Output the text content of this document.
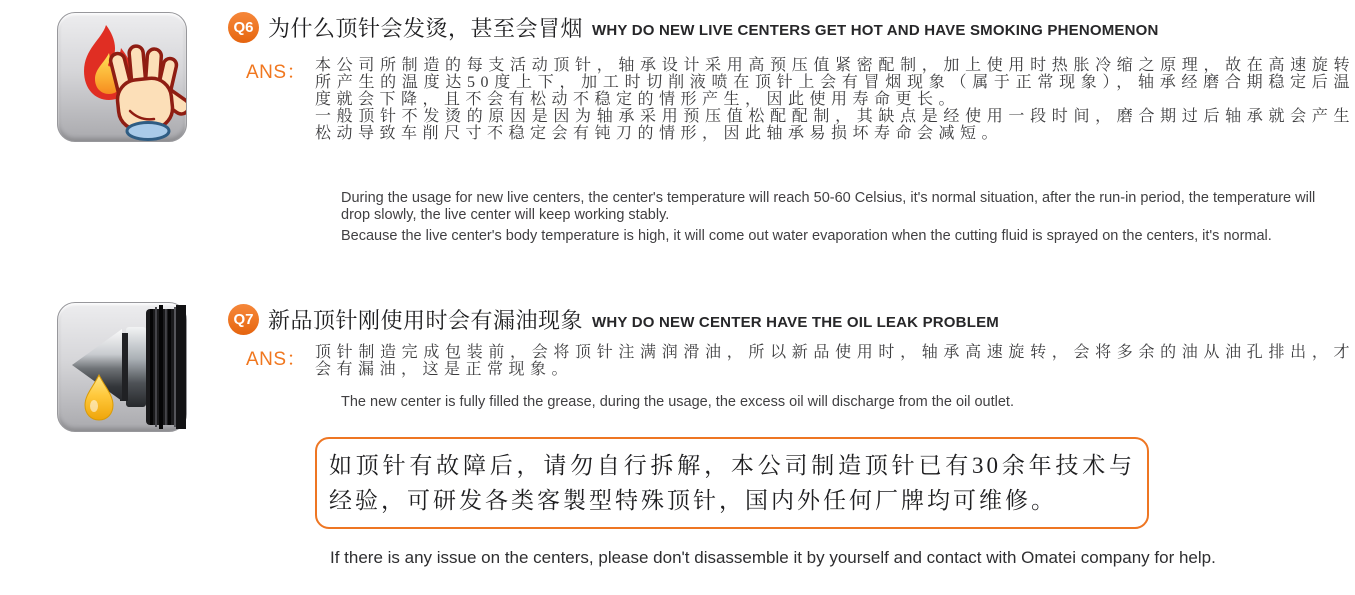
Q6 为什么顶针会发烫，甚至会冒烟 WHY DO NEW LIVE CENTERS GET HOT AND HAVE SMOKING PHENOMENON
ANS： 本公司所制造的每支活动顶针，轴承设计采用高预压值紧密配制，加上使用时热胀冷缩之原理，故在高速旋转所产生的温度达50度上下，加工时切削液喷在顶针上会有冒烟现象（属于正常现象），轴承经磨合期稳定后温度就会下降，且不会有松动不稳定的情形产生，因此使用寿命更长。

一般顶针不发烫的原因是因为轴承采用预压值松配配制，其缺点是经使用一段时间，磨合期过后轴承就会产生松动导致车削尺寸不稳定会有钝刀的情形，因此轴承易损坏寿命会减短。

During the usage for new live centers, the center's temperature will reach 50-60 Celsius, it's normal situation, after the run-in period, the temperature will drop slowly, the live center will keep working stably.

Because the live center's body temperature is high, it will come out water evaporation when the cutting fluid is sprayed on the centers, it's normal.

Q7 新品顶针刚使用时会有漏油现象 WHY DO NEW CENTER HAVE THE OIL LEAK PROBLEM
ANS： 顶针制造完成包装前，会将顶针注满润滑油，所以新品使用时，轴承高速旋转，会将多余的油从油孔排出，才会有漏油，这是正常现象。

The new center is fully filled the grease, during the usage, the excess oil will discharge from the oil outlet.

如顶针有故障后，请勿自行拆解，本公司制造顶针已有30余年技术与经验，可研发各类客製型特殊顶针，国内外任何厂牌均可维修。

If there is any issue on the centers, please don't disassemble it by yourself and contact with Omatei company for help.
